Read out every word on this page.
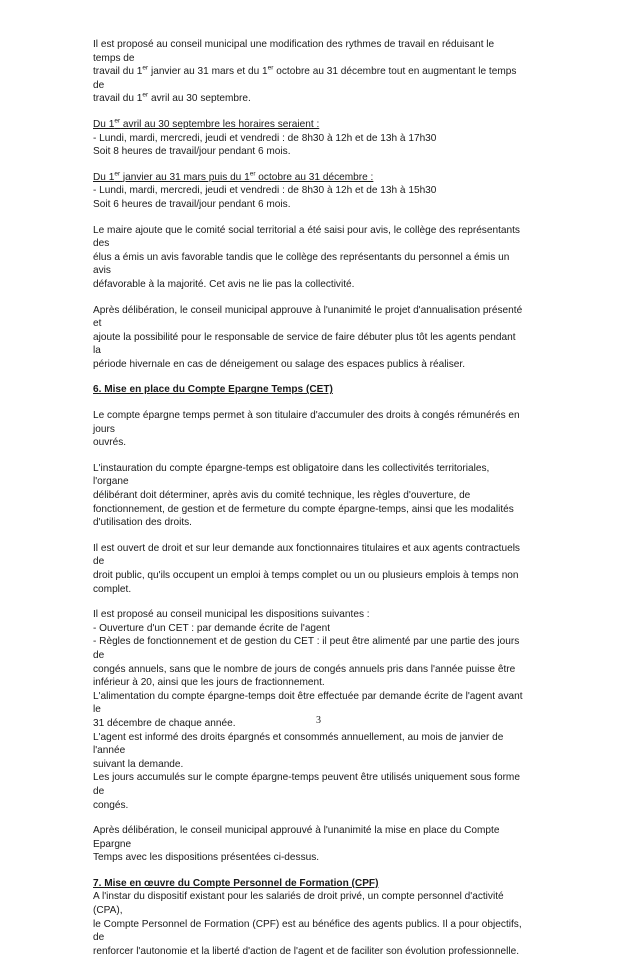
Il est proposé au conseil municipal une modification des rythmes de travail en réduisant le temps de

travail du 1er janvier au 31 mars et du 1er octobre au 31 décembre tout en augmentant le temps de

travail du 1er avril au 30 septembre.

Du 1er avril au 30 septembre les horaires seraient :

- Lundi, mardi, mercredi, jeudi et vendredi : de 8h30 à 12h et de 13h à 17h30

Soit 8 heures de travail/jour pendant 6 mois.

Du 1er janvier au 31 mars puis du 1er octobre au 31 décembre :

- Lundi, mardi, mercredi, jeudi et vendredi : de 8h30 à 12h et de 13h à 15h30

Soit 6 heures de travail/jour pendant 6 mois.

Le maire ajoute que le comité social territorial a été saisi pour avis, le collège des représentants des

élus a émis un avis favorable tandis que le collège des représentants du personnel a émis un avis

défavorable à la majorité. Cet avis ne lie pas la collectivité.

Après délibération, le conseil municipal approuve à l'unanimité le projet d'annualisation présenté et

ajoute la possibilité pour le responsable de service de faire débuter plus tôt les agents pendant la

période hivernale en cas de déneigement ou salage des espaces publics à réaliser.

6. Mise en place du Compte Epargne Temps (CET)

Le compte épargne temps permet à son titulaire d'accumuler des droits à congés rémunérés en jours

ouvrés.

L'instauration du compte épargne-temps est obligatoire dans les collectivités territoriales, l'organe

délibérant doit déterminer, après avis du comité technique, les règles d'ouverture, de

fonctionnement, de gestion et de fermeture du compte épargne-temps, ainsi que les modalités

d'utilisation des droits.

Il est ouvert de droit et sur leur demande aux fonctionnaires titulaires et aux agents contractuels de

droit public, qu'ils occupent un emploi à temps complet ou un ou plusieurs emplois à temps non

complet.

Il est proposé au conseil municipal les dispositions suivantes :

- Ouverture d'un CET : par demande écrite de l'agent

- Règles de fonctionnement et de gestion du CET : il peut être alimenté par une partie des jours de

congés annuels, sans que le nombre de jours de congés annuels pris dans l'année puisse être

inférieur à 20, ainsi que les jours de fractionnement.

L'alimentation du compte épargne-temps doit être effectuée par demande écrite de l'agent avant le

31 décembre de chaque année.

L'agent est informé des droits épargnés et consommés annuellement, au mois de janvier de l'année

suivant la demande.

Les jours accumulés sur le compte épargne-temps peuvent être utilisés uniquement sous forme de

congés.

Après délibération, le conseil municipal approuvé à l'unanimité la mise en place du Compte Epargne

Temps avec les dispositions présentées ci-dessus.

7. Mise en œuvre du Compte Personnel de Formation (CPF)

A l'instar du dispositif existant pour les salariés de droit privé, un compte personnel d'activité (CPA),

le Compte Personnel de Formation (CPF) est au bénéfice des agents publics. Il a pour objectifs, de

renforcer l'autonomie et la liberté d'action de l'agent et de faciliter son évolution professionnelle.

3
